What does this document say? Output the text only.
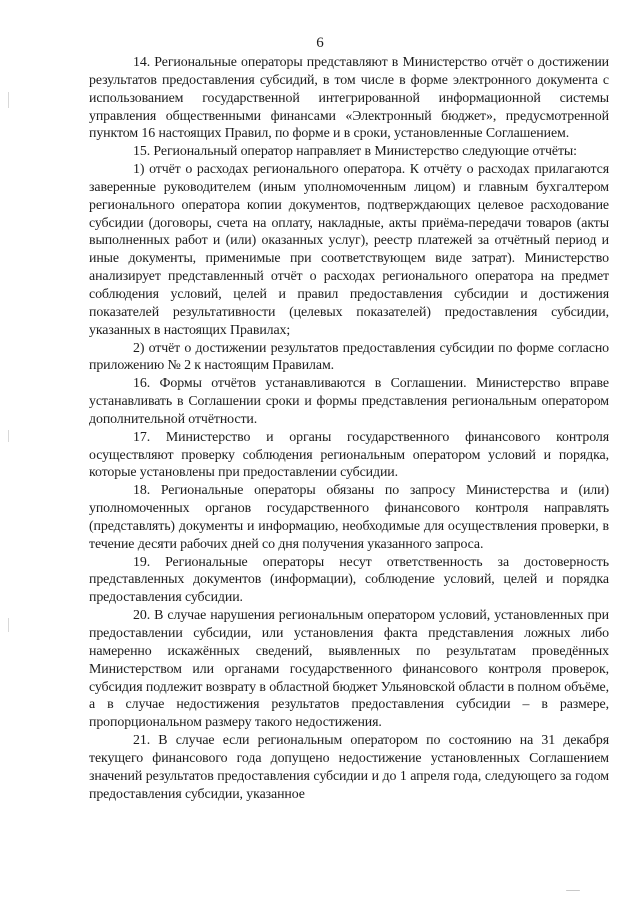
6

14. Региональные операторы представляют в Министерство отчёт о достижении результатов предоставления субсидий, в том числе в форме электронного документа с использованием государственной интегрированной информационной системы управления общественными финансами «Электронный бюджет», предусмотренной пунктом 16 настоящих Правил, по форме и в сроки, установленные Соглашением.

15. Региональный оператор направляет в Министерство следующие отчёты:

1) отчёт о расходах регионального оператора. К отчёту о расходах прилагаются заверенные руководителем (иным уполномоченным лицом) и главным бухгалтером регионального оператора копии документов, подтверждающих целевое расходование субсидии (договоры, счета на оплату, накладные, акты приёма-передачи товаров (акты выполненных работ и (или) оказанных услуг), реестр платежей за отчётный период и иные документы, применимые при соответствующем виде затрат). Министерство анализирует представленный отчёт о расходах регионального оператора на предмет соблюдения условий, целей и правил предоставления субсидии и достижения показателей результативности (целевых показателей) предоставления субсидии, указанных в настоящих Правилах;

2) отчёт о достижении результатов предоставления субсидии по форме согласно приложению № 2 к настоящим Правилам.

16. Формы отчётов устанавливаются в Соглашении. Министерство вправе устанавливать в Соглашении сроки и формы представления региональным оператором дополнительной отчётности.

17. Министерство и органы государственного финансового контроля осуществляют проверку соблюдения региональным оператором условий и порядка, которые установлены при предоставлении субсидии.

18. Региональные операторы обязаны по запросу Министерства и (или) уполномоченных органов государственного финансового контроля направлять (представлять) документы и информацию, необходимые для осуществления проверки, в течение десяти рабочих дней со дня получения указанного запроса.

19. Региональные операторы несут ответственность за достоверность представленных документов (информации), соблюдение условий, целей и порядка предоставления субсидии.

20. В случае нарушения региональным оператором условий, установленных при предоставлении субсидии, или установления факта представления ложных либо намеренно искажённых сведений, выявленных по результатам проведённых Министерством или органами государственного финансового контроля проверок, субсидия подлежит возврату в областной бюджет Ульяновской области в полном объёме, а в случае недостижения результатов предоставления субсидии – в размере, пропорциональном размеру такого недостижения.

21. В случае если региональным оператором по состоянию на 31 декабря текущего финансового года допущено недостижение установленных Соглашением значений результатов предоставления субсидии и до 1 апреля года, следующего за годом предоставления субсидии, указанное
